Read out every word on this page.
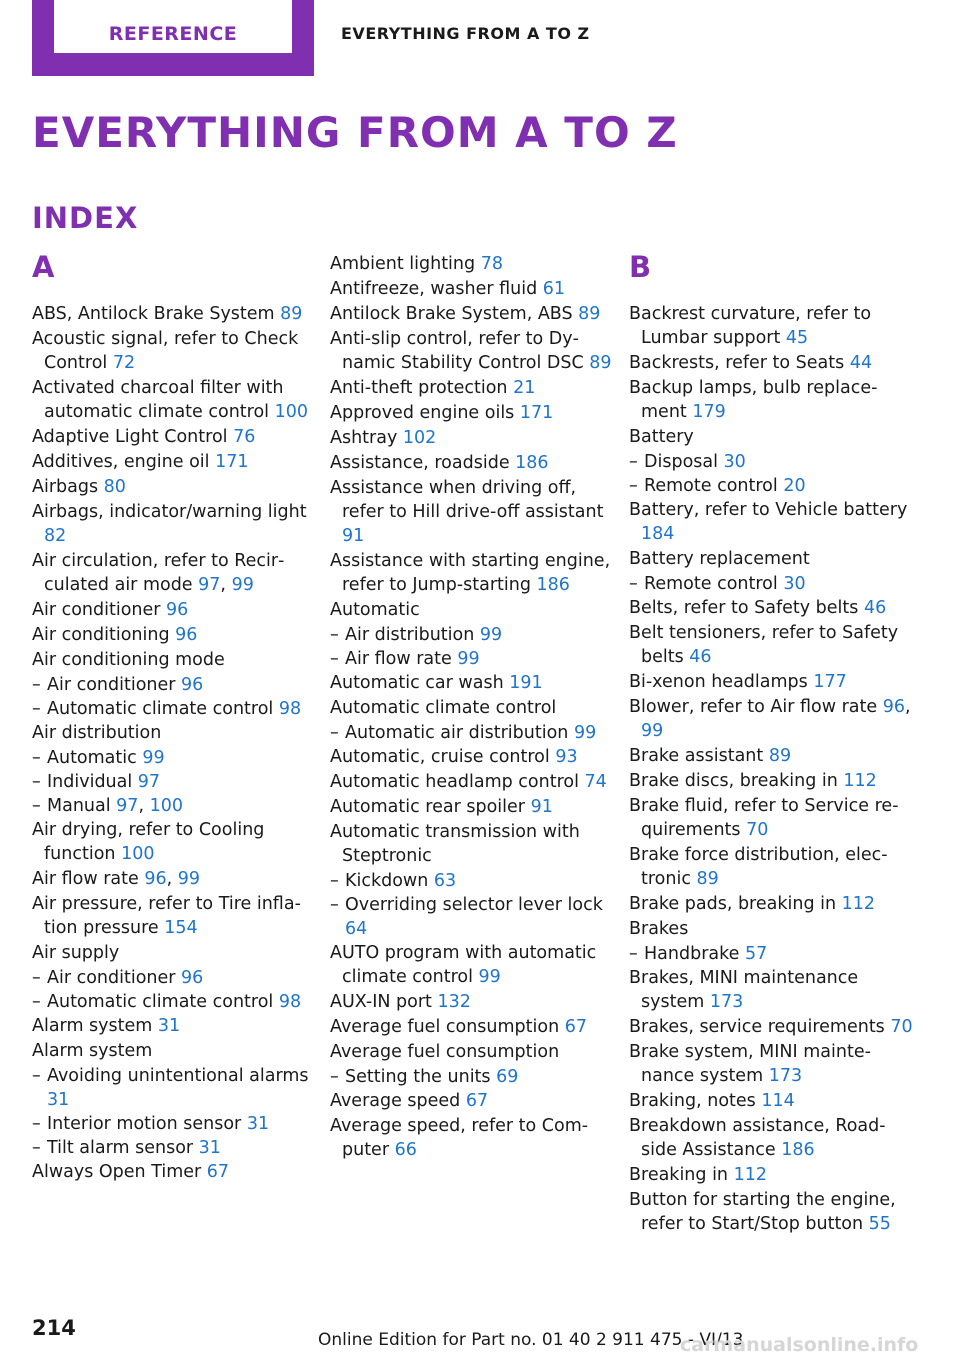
REFERENCE	EVERYTHING FROM A TO Z
EVERYTHING FROM A TO Z
INDEX
A
ABS, Antilock Brake System 89
Acoustic signal, refer to Check Control 72
Activated charcoal filter with automatic climate control 100
Adaptive Light Control 76
Additives, engine oil 171
Airbags 80
Airbags, indicator/warning light 82
Air circulation, refer to Recirculated air mode 97, 99
Air conditioner 96
Air conditioning 96
Air conditioning mode
– Air conditioner 96
– Automatic climate control 98
Air distribution
– Automatic 99
– Individual 97
– Manual 97, 100
Air drying, refer to Cooling function 100
Air flow rate 96, 99
Air pressure, refer to Tire inflation pressure 154
Air supply
– Air conditioner 96
– Automatic climate control 98
Alarm system 31
Alarm system
– Avoiding unintentional alarms 31
– Interior motion sensor 31
– Tilt alarm sensor 31
Always Open Timer 67
Ambient lighting 78
Antifreeze, washer fluid 61
Antilock Brake System, ABS 89
Anti-slip control, refer to Dynamic Stability Control DSC 89
Anti-theft protection 21
Approved engine oils 171
Ashtray 102
Assistance, roadside 186
Assistance when driving off, refer to Hill drive-off assistant 91
Assistance with starting engine, refer to Jump-starting 186
Automatic
– Air distribution 99
– Air flow rate 99
Automatic car wash 191
Automatic climate control
– Automatic air distribution 99
Automatic, cruise control 93
Automatic headlamp control 74
Automatic rear spoiler 91
Automatic transmission with Steptronic
– Kickdown 63
– Overriding selector lever lock 64
AUTO program with automatic climate control 99
AUX-IN port 132
Average fuel consumption 67
Average fuel consumption
– Setting the units 69
Average speed 67
Average speed, refer to Computer 66
B
Backrest curvature, refer to Lumbar support 45
Backrests, refer to Seats 44
Backup lamps, bulb replacement 179
Battery
– Disposal 30
– Remote control 20
Battery, refer to Vehicle battery 184
Battery replacement
– Remote control 30
Belts, refer to Safety belts 46
Belt tensioners, refer to Safety belts 46
Bi-xenon headlamps 177
Blower, refer to Air flow rate 96, 99
Brake assistant 89
Brake discs, breaking in 112
Brake fluid, refer to Service requirements 70
Brake force distribution, electronic 89
Brake pads, breaking in 112
Brakes
– Handbrake 57
Brakes, MINI maintenance system 173
Brakes, service requirements 70
Brake system, MINI maintenance system 173
Braking, notes 114
Breakdown assistance, Roadside Assistance 186
Breaking in 112
Button for starting the engine, refer to Start/Stop button 55
214	Online Edition for Part no. 01 40 2 911 475 - VI/13
carmanualsonline.info
